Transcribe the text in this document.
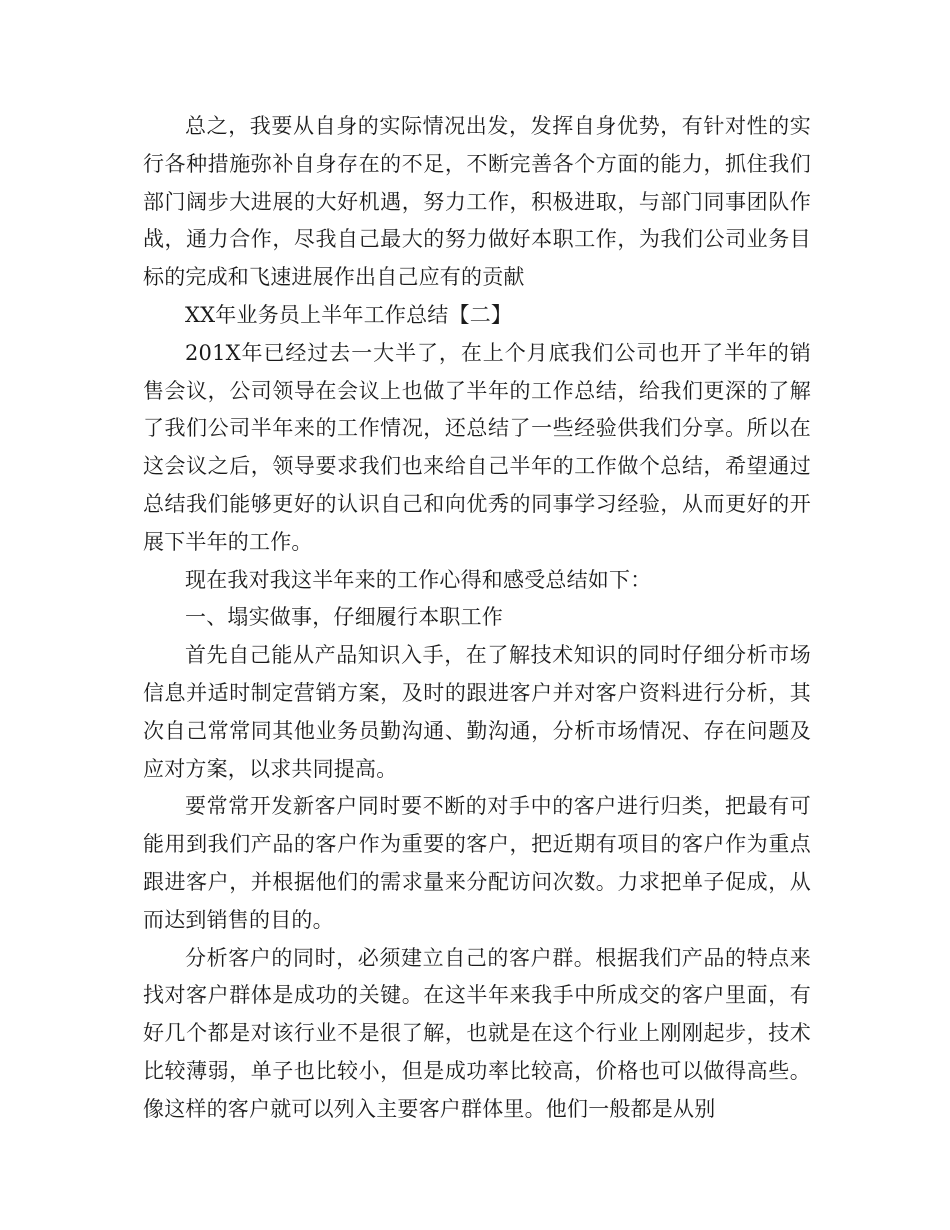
总之，我要从自身的实际情况出发，发挥自身优势，有针对性的实行各种措施弥补自身存在的不足，不断完善各个方面的能力，抓住我们部门阔步大进展的大好机遇，努力工作，积极进取，与部门同事团队作战，通力合作，尽我自己最大的努力做好本职工作，为我们公司业务目标的完成和飞速进展作出自己应有的贡献

XX年业务员上半年工作总结【二】

201X年已经过去一大半了，在上个月底我们公司也开了半年的销售会议，公司领导在会议上也做了半年的工作总结，给我们更深的了解了我们公司半年来的工作情况，还总结了一些经验供我们分享。所以在这会议之后，领导要求我们也来给自己半年的工作做个总结，希望通过总结我们能够更好的认识自己和向优秀的同事学习经验，从而更好的开展下半年的工作。

现在我对我这半年来的工作心得和感受总结如下：

一、塌实做事，仔细履行本职工作

首先自己能从产品知识入手，在了解技术知识的同时仔细分析市场信息并适时制定营销方案，及时的跟进客户并对客户资料进行分析，其次自己常常同其他业务员勤沟通、勤沟通，分析市场情况、存在问题及应对方案，以求共同提高。

要常常开发新客户同时要不断的对手中的客户进行归类，把最有可能用到我们产品的客户作为重要的客户，把近期有项目的客户作为重点跟进客户，并根据他们的需求量来分配访问次数。力求把单子促成，从而达到销售的目的。

分析客户的同时，必须建立自己的客户群。根据我们产品的特点来找对客户群体是成功的关键。在这半年来我手中所成交的客户里面，有好几个都是对该行业不是很了解，也就是在这个行业上刚刚起步，技术比较薄弱，单子也比较小，但是成功率比较高，价格也可以做得高些。像这样的客户就可以列入主要客户群体里。他们一般都是从别
